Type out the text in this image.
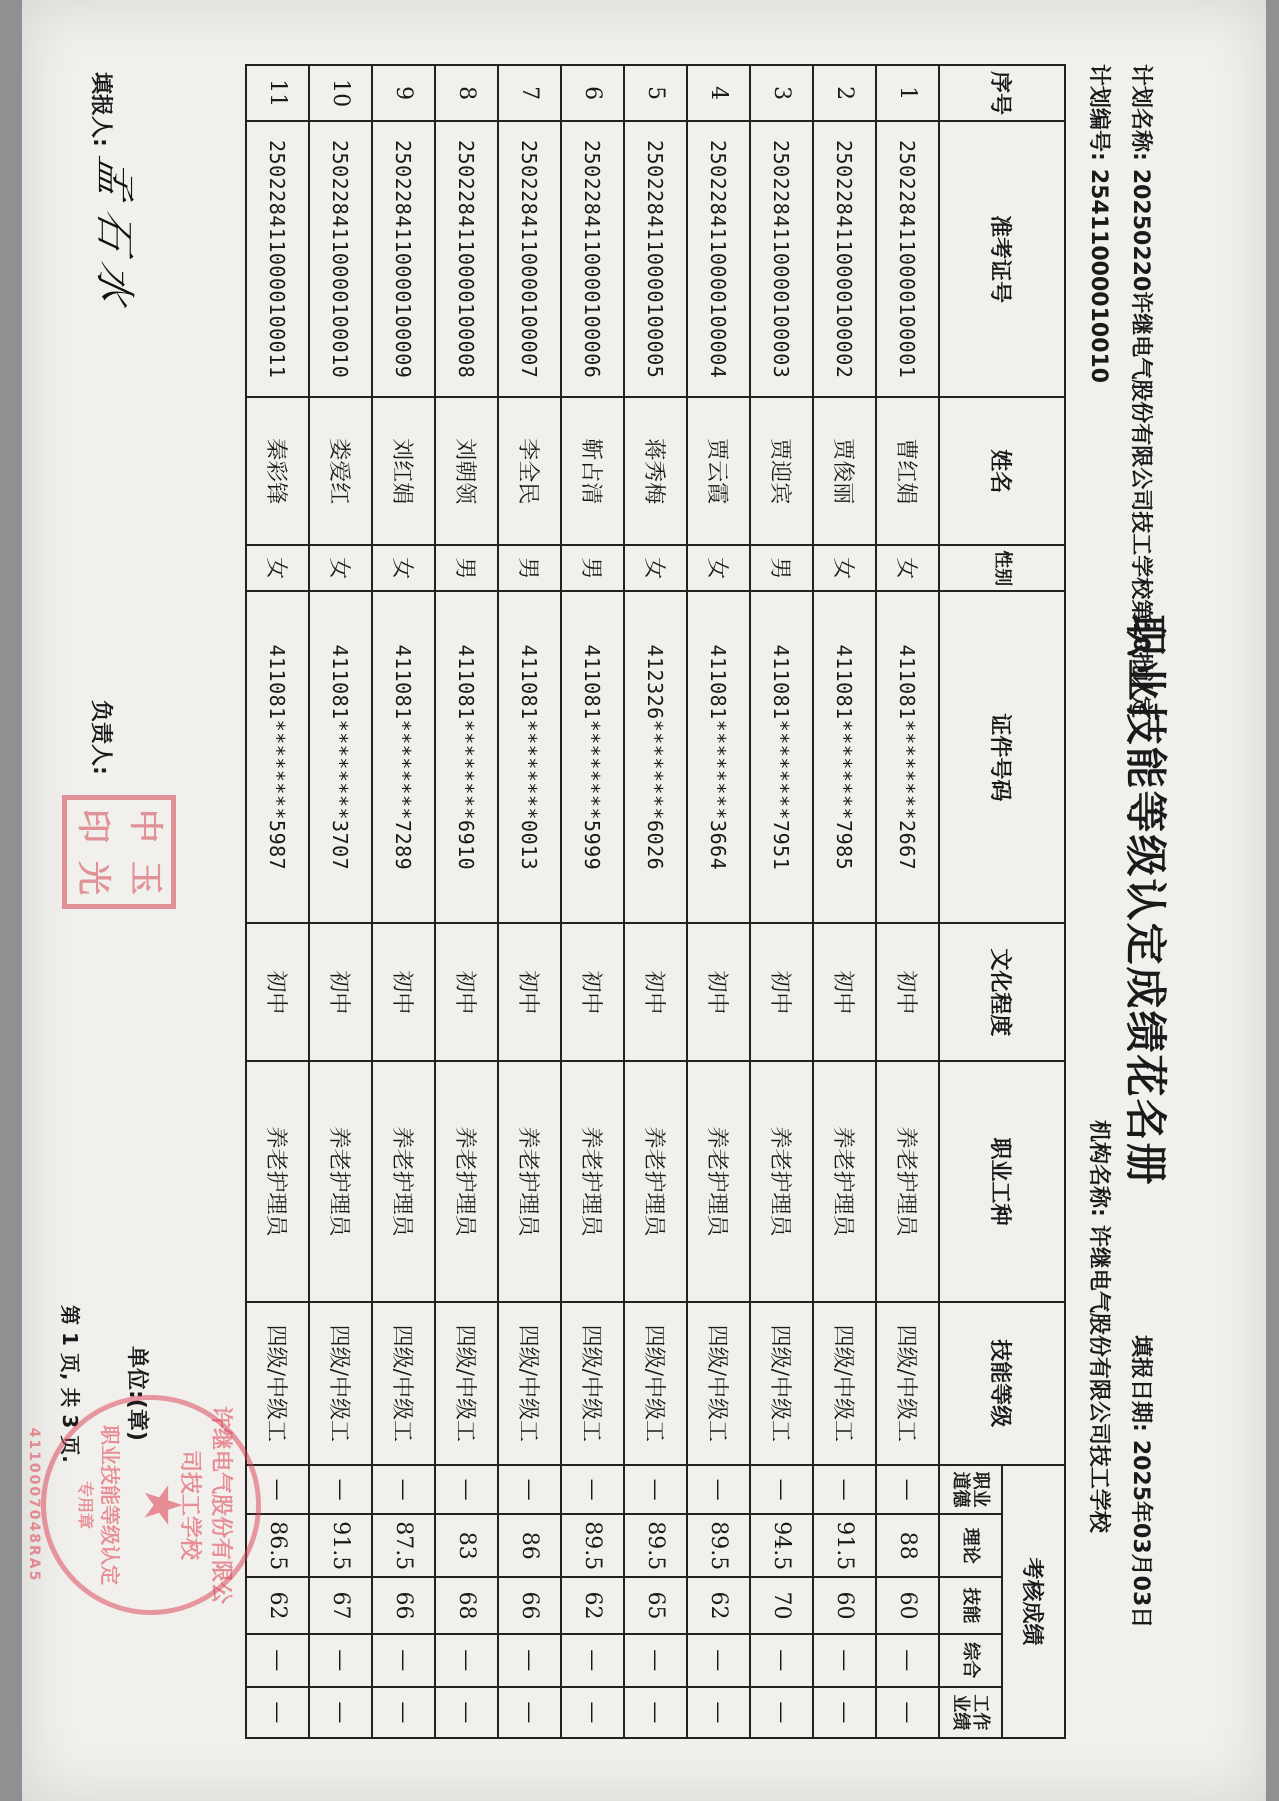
职业技能等级认定成绩花名册
计划名称:20250220许继电气股份有限公司技工学校第10批认定
计划编号:25411000010010
填报日期:2025年03月03日
机构名称:许继电气股份有限公司技工学校
序号	准考证号	姓名	性别	证件号码	文化程度	职业工种	技能等级	考核成绩				
								职业道德	理论	技能	综合	工作业绩
1	2502284110000100001	曹红娟	女	411081********2667	初中	养老护理员	四级/中级工	—	88	60	—	—
2	2502284110000100002	贾俊丽	女	411081********7985	初中	养老护理员	四级/中级工	—	91.5	60	—	—
3	2502284110000100003	贾迎宾	男	411081********7951	初中	养老护理员	四级/中级工	—	94.5	70	—	—
4	2502284110000100004	贾云霞	女	411081********3664	初中	养老护理员	四级/中级工	—	89.5	62	—	—
5	2502284110000100005	蒋秀梅	女	412326********6026	初中	养老护理员	四级/中级工	—	89.5	65	—	—
6	2502284110000100006	靳占清	男	411081********5999	初中	养老护理员	四级/中级工	—	89.5	62	—	—
7	2502284110000100007	李全民	男	411081********0013	初中	养老护理员	四级/中级工	—	86	66	—	—
8	2502284110000100008	刘朝领	男	411081********6910	初中	养老护理员	四级/中级工	—	83	68	—	—
9	2502284110000100009	刘红娟	女	411081********7289	初中	养老护理员	四级/中级工	—	87.5	66	—	—
10	2502284110000100010	娄爱红	女	411081********3707	初中	养老护理员	四级/中级工	—	91.5	67	—	—
11	2502284110000100011	秦彩锋	女	411081********5987	初中	养老护理员	四级/中级工	—	86.5	62	—	—
填报人:
孟 石 水
负责人:
单位:(章)
第 1 页, 共 3 页.
中
玉
印
光
许继电气股份有限公司技工学校
★
职业技能等级认定
专用章
4110007048RA5
